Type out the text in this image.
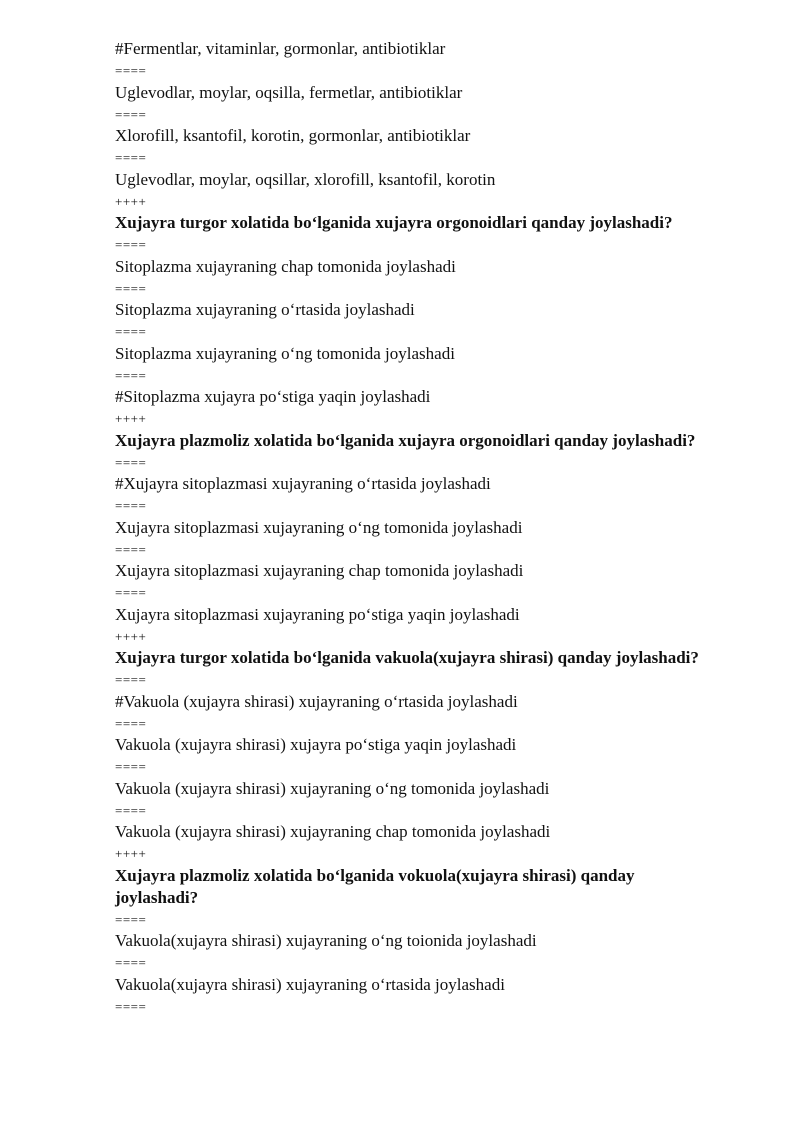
#Fermentlar, vitaminlar, gormonlar, antibiotiklar
====
Uglevodlar, moylar, oqsilla, fermetlar, antibiotiklar
====
Xlorofill, ksantofil, korotin, gormonlar, antibiotiklar
====
Uglevodlar, moylar, oqsillar, xlorofill, ksantofil, korotin
++++
Xujayra turgor xolatida bo‘lganida xujayra orgonoidlari qanday joylashadi?
====
Sitoplazma xujayraning chap tomonida joylashadi
====
Sitoplazma xujayraning o‘rtasida joylashadi
====
Sitoplazma xujayraning o‘ng tomonida joylashadi
====
#Sitoplazma xujayra po‘stiga yaqin joylashadi
++++
Xujayra plazmoliz xolatida bo‘lganida xujayra orgonoidlari qanday joylashadi?
====
#Xujayra sitoplazmasi xujayraning o‘rtasida joylashadi
====
Xujayra sitoplazmasi xujayraning o‘ng tomonida joylashadi
====
Xujayra sitoplazmasi xujayraning chap tomonida joylashadi
====
Xujayra sitoplazmasi xujayraning po‘stiga yaqin joylashadi
++++
Xujayra turgor xolatida bo‘lganida vakuola(xujayra shirasi) qanday joylashadi?
====
#Vakuola (xujayra shirasi) xujayraning o‘rtasida joylashadi
====
Vakuola (xujayra shirasi) xujayra po‘stiga yaqin joylashadi
====
Vakuola (xujayra shirasi) xujayraning o‘ng tomonida joylashadi
====
Vakuola (xujayra shirasi) xujayraning chap tomonida joylashadi
++++
Xujayra plazmoliz xolatida bo‘lganida vokuola(xujayra shirasi) qanday joylashadi?
====
Vakuola(xujayra shirasi) xujayraning o‘ng toionida joylashadi
====
Vakuola(xujayra shirasi) xujayraning o‘rtasida joylashadi
====
